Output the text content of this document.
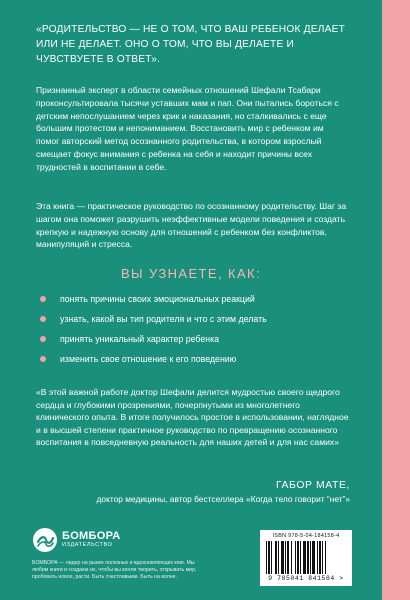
«РОДИТЕЛЬСТВО — НЕ О ТОМ, ЧТО ВАШ РЕБЕНОК ДЕЛАЕТ ИЛИ НЕ ДЕЛАЕТ. ОНО О ТОМ, ЧТО ВЫ ДЕЛАЕТЕ И ЧУВСТВУЕТЕ В ОТВЕТ».

Признанный эксперт в области семейных отношений Шефали Тсабари проконсультировала тысячи уставших мам и пап. Они пытались бороться с детским непослушанием через крик и наказания, но сталкивались с еще большим протестом и непониманием. Восстановить мир с ребенком им помог авторский метод осознанного родительства, в котором взрослый смещает фокус внимания с ребенка на себя и находит причины всех трудностей в воспитании в себе.

Эта книга — практическое руководство по осознанному родительству. Шаг за шагом она поможет разрушить неэффективные модели поведения и создать крепкую и надежную основу для отношений с ребенком без конфликтов, манипуляций и стресса.

ВЫ УЗНАЕТЕ, КАК:
понять причины своих эмоциональных реакций
узнать, какой вы тип родителя и что с этим делать
принять уникальный характер ребенка
изменить свое отношение к его поведению

«В этой важной работе доктор Шефали делится мудростью своего щедрого сердца и глубокими прозрениями, почерпнутыми из многолетнего клинического опыта. В итоге получилось простое в использовании, наглядное и в высшей степени практичное руководство по превращению осознанного воспитания в повседневную реальность для наших детей и для нас самих»

ГАБОР МАТЕ,
доктор медицины, автор бестселлера «Когда тело говорит “нет”»
БОМБОРА
ИЗДАТЕЛЬСТВО

БОМБОРА — лидер на рынке полезных и вдохновляющих книг. Мы любим книги и создаем их, чтобы вы могли творить, открывать мир, пробовать новое, расти. Быть счастливыми. Быть на волне.

ISBN 978-5-04-184158-4
9 785041 841584 >
